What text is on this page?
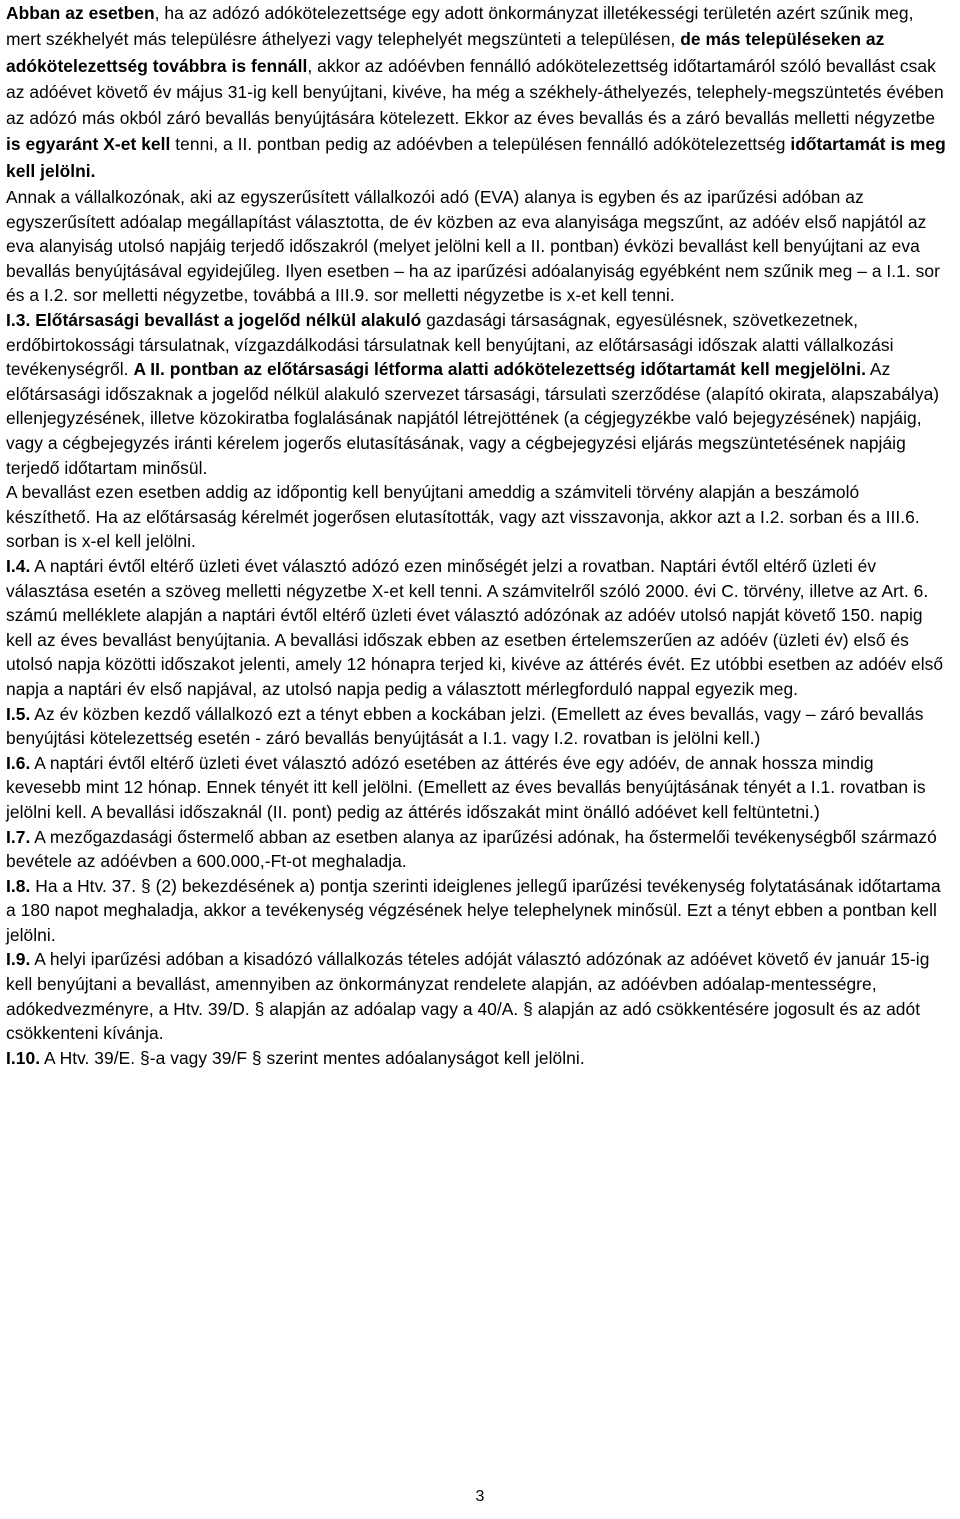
Abban az esetben, ha az adózó adókötelezettsége egy adott önkormányzat illetékességi területén azért szűnik meg, mert székhelyét más településre áthelyezi vagy telephelyét megszünteti a településen, de más településeken az adókötelezettség továbbra is fennáll, akkor az adóévben fennálló adókötelezettség időtartamáról szóló bevallást csak az adóévet követő év május 31-ig kell benyújtani, kivéve, ha még a székhely-áthelyezés, telephely-megszüntetés évében az adózó más okból záró bevallás benyújtására kötelezett. Ekkor az éves bevallás és a záró bevallás melletti négyzetbe is egyaránt X-et kell tenni, a II. pontban pedig az adóévben a településen fennálló adókötelezettség időtartamát is meg kell jelölni.

Annak a vállalkozónak, aki az egyszerűsített vállalkozói adó (EVA) alanya is egyben és az iparűzési adóban az egyszerűsített adóalap megállapítást választotta, de év közben az eva alanyisága megszűnt, az adóév első napjától az eva alanyiság utolsó napjáig terjedő időszakról (melyet jelölni kell a II. pontban) évközi bevallást kell benyújtani az eva bevallás benyújtásával egyidejűleg. Ilyen esetben – ha az iparűzési adóalanyiság egyébként nem szűnik meg – a I.1. sor és a I.2. sor melletti négyzetbe, továbbá a III.9. sor melletti négyzetbe is x-et kell tenni.

I.3. Előtársasági bevallást a jogelőd nélkül alakuló gazdasági társaságnak, egyesülésnek, szövetkezetnek, erdőbirtokossági társulatnak, vízgazdálkodási társulatnak kell benyújtani, az előtársasági időszak alatti vállalkozási tevékenységről. A II. pontban az előtársasági létforma alatti adókötelezettség időtartamát kell megjelölni. Az előtársasági időszaknak a jogelőd nélkül alakuló szervezet társasági, társulati szerződése (alapító okirata, alapszabálya) ellenjegyzésének, illetve közokiratba foglalásának napjától létrejöttének (a cégjegyzékbe való bejegyzésének) napjáig, vagy a cégbejegyzés iránti kérelem jogerős elutasításának, vagy a cégbejegyzési eljárás megszüntetésének napjáig terjedő időtartam minősül.

A bevallást ezen esetben addig az időpontig kell benyújtani ameddig a számviteli törvény alapján a beszámoló készíthető. Ha az előtársaság kérelmét jogerősen elutasították, vagy azt visszavonja, akkor azt a I.2. sorban és a III.6. sorban is x-el kell jelölni.

I.4. A naptári évtől eltérő üzleti évet választó adózó ezen minőségét jelzi a rovatban. Naptári évtől eltérő üzleti év választása esetén a szöveg melletti négyzetbe X-et kell tenni. A számvitelről szóló 2000. évi C. törvény, illetve az Art. 6. számú melléklete alapján a naptári évtől eltérő üzleti évet választó adózónak az adóév utolsó napját követő 150. napig kell az éves bevallást benyújtania. A bevallási időszak ebben az esetben értelemszerűen az adóév (üzleti év) első és utolsó napja közötti időszakot jelenti, amely 12 hónapra terjed ki, kivéve az áttérés évét. Ez utóbbi esetben az adóév első napja a naptári év első napjával, az utolsó napja pedig a választott mérlegforduló nappal egyezik meg.

I.5. Az év közben kezdő vállalkozó ezt a tényt ebben a kockában jelzi. (Emellett az éves bevallás, vagy – záró bevallás benyújtási kötelezettség esetén - záró bevallás benyújtását a I.1. vagy I.2. rovatban is jelölni kell.)

I.6. A naptári évtől eltérő üzleti évet választó adózó esetében az áttérés éve egy adóév, de annak hossza mindig kevesebb mint 12 hónap. Ennek tényét itt kell jelölni. (Emellett az éves bevallás benyújtásának tényét a I.1. rovatban is jelölni kell. A bevallási időszaknál (II. pont) pedig az áttérés időszakát mint önálló adóévet kell feltüntetni.)

I.7. A mezőgazdasági őstermelő abban az esetben alanya az iparűzési adónak, ha őstermelői tevékenységből származó bevétele az adóévben a 600.000,-Ft-ot meghaladja.

I.8. Ha a Htv. 37. § (2) bekezdésének a) pontja szerinti ideiglenes jellegű iparűzési tevékenység folytatásának időtartama a 180 napot meghaladja, akkor a tevékenység végzésének helye telephelynek minősül. Ezt a tényt ebben a pontban kell jelölni.

I.9. A helyi iparűzési adóban a kisadózó vállalkozás tételes adóját választó adózónak az adóévet követő év január 15-ig kell benyújtani a bevallást, amennyiben az önkormányzat rendelete alapján, az adóévben adóalap-mentességre, adókedvezményre, a Htv. 39/D. § alapján az adóalap vagy a 40/A. § alapján az adó csökkentésére jogosult és az adót csökkenteni kívánja.

I.10. A Htv. 39/E. §-a vagy 39/F § szerint mentes adóalanyságot kell jelölni.

3
